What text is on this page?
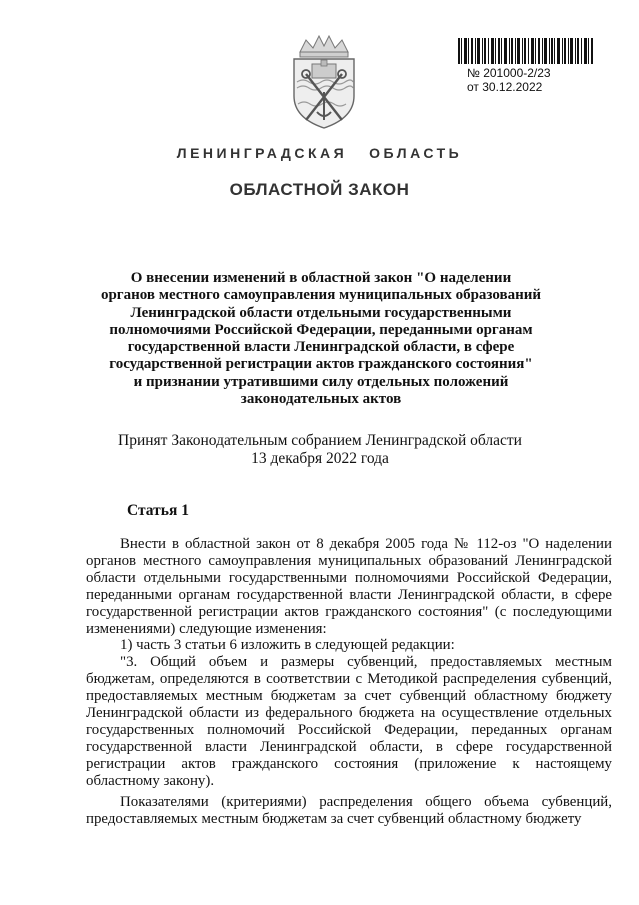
№ 201000-2/23
от 30.12.2022
ЛЕНИНГРАДСКАЯ ОБЛАСТЬ
ОБЛАСТНОЙ ЗАКОН
О внесении изменений в областной закон "О наделении
органов местного самоуправления муниципальных образований
Ленинградской области отдельными государственными
полномочиями Российской Федерации, переданными органам
государственной власти Ленинградской области, в сфере
государственной регистрации актов гражданского состояния"
и признании утратившими силу отдельных положений
законодательных актов
Принят Законодательным собранием Ленинградской области
13 декабря 2022 года
Статья 1

Внести в областной закон от 8 декабря 2005 года № 112-оз "О наделении органов местного самоуправления муниципальных образований Ленинградской области отдельными государственными полномочиями Российской Федерации, переданными органам государственной власти Ленинградской области, в сфере государственной регистрации актов гражданского состояния" (с последующими изменениями) следующие изменения:

1) часть 3 статьи 6 изложить в следующей редакции:

"3. Общий объем и размеры субвенций, предоставляемых местным бюджетам, определяются в соответствии с Методикой распределения субвенций, предоставляемых местным бюджетам за счет субвенций областному бюджету Ленинградской области из федерального бюджета на осуществление отдельных государственных полномочий Российской Федерации, переданных органам государственной власти Ленинградской области, в сфере государственной регистрации актов гражданского состояния (приложение к настоящему областному закону).

Показателями (критериями) распределения общего объема субвенций, предоставляемых местным бюджетам за счет субвенций областному бюджету
